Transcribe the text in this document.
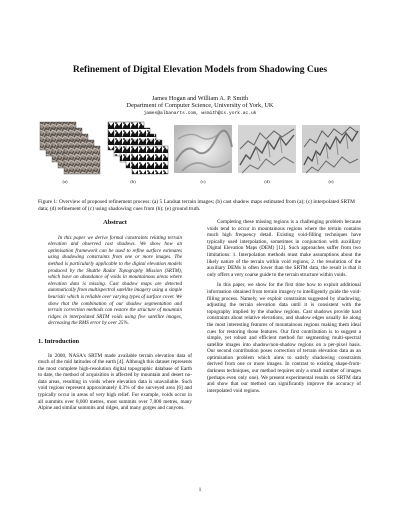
Refinement of Digital Elevation Models from Shadowing Cues
James Hogan and William A. P. Smith
Department of Computer Science, University of York, UK
james@albanarts.com, wsmith@cs.york.ac.uk
(a)	(b)	(c)	(d)	(e)
Figure 1: Overview of proposed refinement process: (a) 5 Landsat terrain images; (b) cast shadow maps estimated from (a); (c) interpolated SRTM data; (d) refinement of (c) using shadowing cues from (b); (e) ground truth.
Abstract

In this paper we derive formal constraints relating terrain elevation and observed cast shadows. We show how an optimisation framework can be used to refine surface estimates using shadowing constraints from one or more images. The method is particularly applicable to the digital elevation models produced by the Shuttle Radar Topography Mission (SRTM), which have an abundance of voids in mountainous areas where elevation data is missing. Cast shadow maps are detected automatically from multispectral satellite imagery using a simple heuristic which is reliable over varying types of surface cover. We show that the combination of our shadow segmentation and terrain correction methods can restore the structure of mountain ridges in interpolated SRTM voids using five satellite images, decreasing the RMS error by over 25%.

1. Introduction

In 2000, NASA's SRTM made available terrain elevation data of much of the mid latitudes of the earth [4]. Although this dataset represents the most complete high-resolution digital topographic database of Earth to date, the method of acquisition is affected by mountain and desert no-data areas, resulting in voids where elevation data is unavailable. Such void regions represent approximately 0.3% of the surveyed area [6] and typically occur in areas of very high relief. For example, voids occur in all summits over 8,000 metres, most summits over 7,000 metres, many Alpine and similar summits and ridges, and many gorges and canyons.

Completing these missing regions is a challenging problem because voids tend to occur in mountainous regions where the terrain contains much high frequency detail. Existing void-filling techniques have typically used interpolation, sometimes in conjunction with auxilliary Digital Elevation Maps (DEM) [12]. Such approaches suffer from two limitations: 1. Interpolation methods must make assumptions about the likely nature of the terrain within void regions, 2. the resolution of the auxiliary DEMs is often lower than the SRTM data, the result is that it only offers a very coarse guide to the terrain structure within voids.

In this paper, we show for the first time how to exploit additional information obtained from terrain imagery to intelligently guide the void-filling process. Namely, we exploit constraints suggested by shadowing, adjusting the terrain elevation data until it is consistent with the topography implied by the shadow regions. Cast shadows provide hard constraints about relative elevations, and shadow edges usually lie along the most interesting features of mountainous regions making them ideal cues for restoring those features. Our first contribution is to suggest a simple, yet robust and efficient method for segmenting multi-spectral satellite images into shadow/non-shadow regions on a per-pixel basis. Our second contribution poses correction of terrain elevation data as an optimisation problem which aims to satisfy shadowing constraints derived from one or more images. In contrast to existing shape-from-darkness techniques, our method requires only a small number of images (perhaps even only one). We present experimental results on SRTM data and show that our method can significantly improve the accuracy of interpolated void regions.

1
